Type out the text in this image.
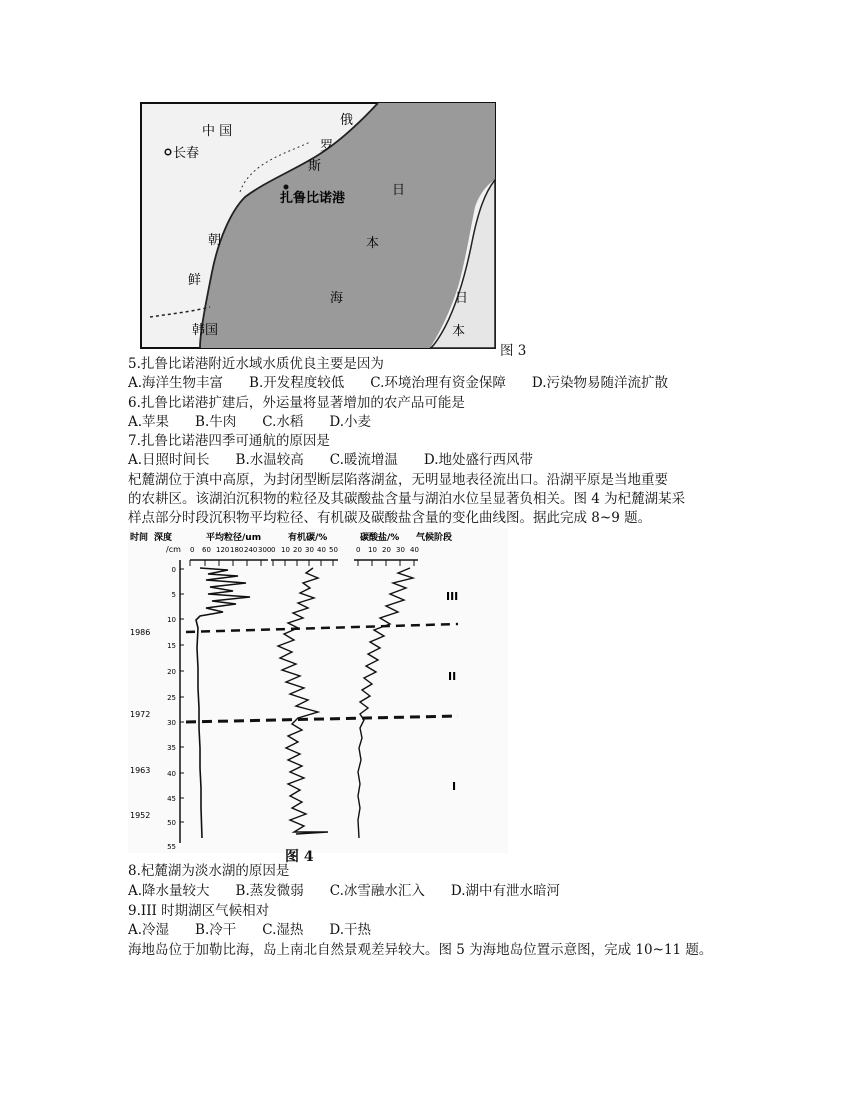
中 国
俄
罗
斯
长春
扎鲁比诺港
朝
鲜
韩国
日
本
海	日
本
图 3
5.扎鲁比诺港附近水域水质优良主要是因为
A.海洋生物丰富 B.开发程度较低 C.环境治理有资金保障 D.污染物易随洋流扩散
6.扎鲁比诺港扩建后，外运量将显著增加的农产品可能是
A.苹果 B.牛肉 C.水稻 D.小麦
7.扎鲁比诺港四季可通航的原因是
A.日照时间长 B.水温较高 C.暖流增温 D.地处盛行西风带
杞麓湖位于滇中高原，为封闭型断层陷落湖盆，无明显地表径流出口。沿湖平原是当地重要
的农耕区。该湖泊沉积物的粒径及其碳酸盐含量与湖泊水位呈显著负相关。图 4 为杞麓湖某采
样点部分时段沉积物平均粒径、有机碳及碳酸盐含量的变化曲线图。据此完成 8~9 题。
时间 深度
/cm
平均粒径/um	有机碳/%	碳酸盐/% 气候阶段
0 60 120 180 240 300 0 10 20 30 40 50	0 10 20 30 40
0
5
10
15
20
25
30
35
40
45
50
55
1986
1972
1963
1952
III
II
I
图 4
8.杞麓湖为淡水湖的原因是
A.降水量较大 B.蒸发微弱 C.冰雪融水汇入 D.湖中有泄水暗河
9.III 时期湖区气候相对
A.冷湿 B.冷干 C.湿热 D.干热
海地岛位于加勒比海，岛上南北自然景观差异较大。图 5 为海地岛位置示意图，完成 10~11 题。
